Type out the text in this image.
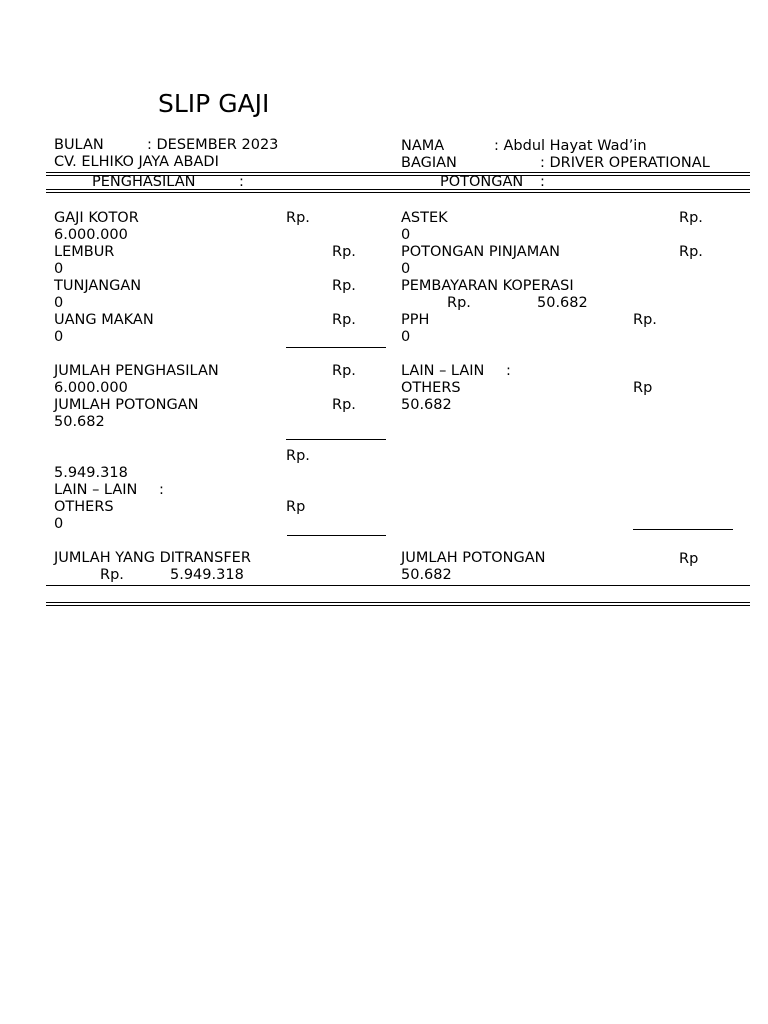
SLIP GAJI
BULAN	: DESEMBER 2023
CV. ELHIKO JAYA ABADI
NAMA	: Abdul Hayat Wad’in
BAGIAN	: DRIVER OPERATIONAL
PENGHASILAN	:	POTONGAN :
GAJI KOTOR	Rp.
6.000.000
LEMBUR	Rp.
0
TUNJANGAN	Rp.
0
UANG MAKAN	Rp.
0
JUMLAH PENGHASILAN	Rp.
6.000.000
JUMLAH POTONGAN	Rp.
50.682
Rp.
5.949.318
LAIN – LAIN :
OTHERS	Rp
0
JUMLAH YANG DITRANSFER
Rp.	5.949.318
ASTEK	Rp.
0
POTONGAN PINJAMAN	Rp.
0
PEMBAYARAN KOPERASI
Rp.	50.682
PPH	Rp.
0
LAIN – LAIN :
OTHERS	Rp
50.682
JUMLAH POTONGAN	Rp
50.682
